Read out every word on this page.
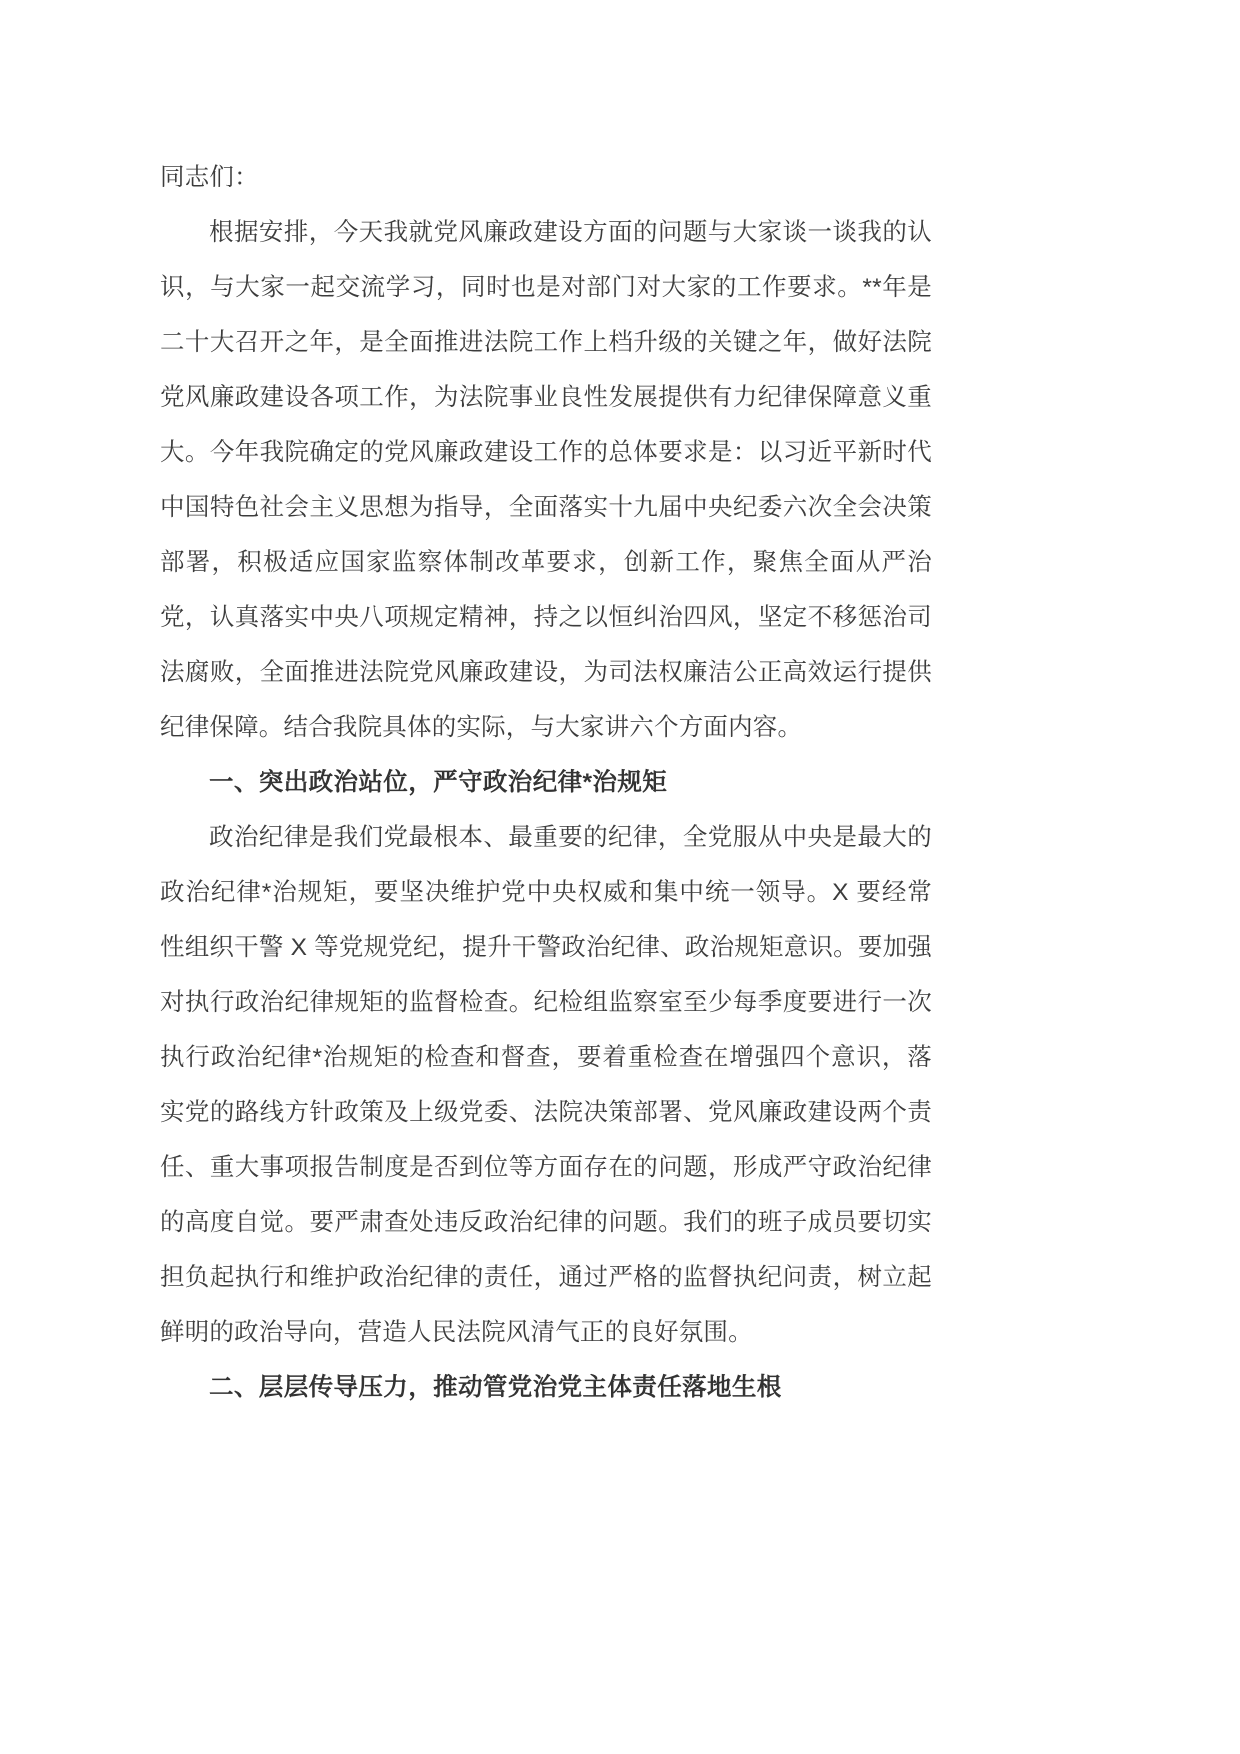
同志们：

根据安排，今天我就党风廉政建设方面的问题与大家谈一谈我的认识，与大家一起交流学习，同时也是对部门对大家的工作要求。**年是二十大召开之年，是全面推进法院工作上档升级的关键之年，做好法院党风廉政建设各项工作，为法院事业良性发展提供有力纪律保障意义重大。今年我院确定的党风廉政建设工作的总体要求是：以习近平新时代中国特色社会主义思想为指导，全面落实十九届中央纪委六次全会决策部署，积极适应国家监察体制改革要求，创新工作，聚焦全面从严治党，认真落实中央八项规定精神，持之以恒纠治四风，坚定不移惩治司法腐败，全面推进法院党风廉政建设，为司法权廉洁公正高效运行提供纪律保障。结合我院具体的实际，与大家讲六个方面内容。

一、突出政治站位，严守政治纪律*治规矩

政治纪律是我们党最根本、最重要的纪律，全党服从中央是最大的政治纪律*治规矩，要坚决维护党中央权威和集中统一领导。X 要经常性组织干警 X 等党规党纪，提升干警政治纪律、政治规矩意识。要加强对执行政治纪律规矩的监督检查。纪检组监察室至少每季度要进行一次执行政治纪律*治规矩的检查和督查，要着重检查在增强四个意识，落实党的路线方针政策及上级党委、法院决策部署、党风廉政建设两个责任、重大事项报告制度是否到位等方面存在的问题，形成严守政治纪律的高度自觉。要严肃查处违反政治纪律的问题。我们的班子成员要切实担负起执行和维护政治纪律的责任，通过严格的监督执纪问责，树立起鲜明的政治导向，营造人民法院风清气正的良好氛围。

二、层层传导压力，推动管党治党主体责任落地生根
